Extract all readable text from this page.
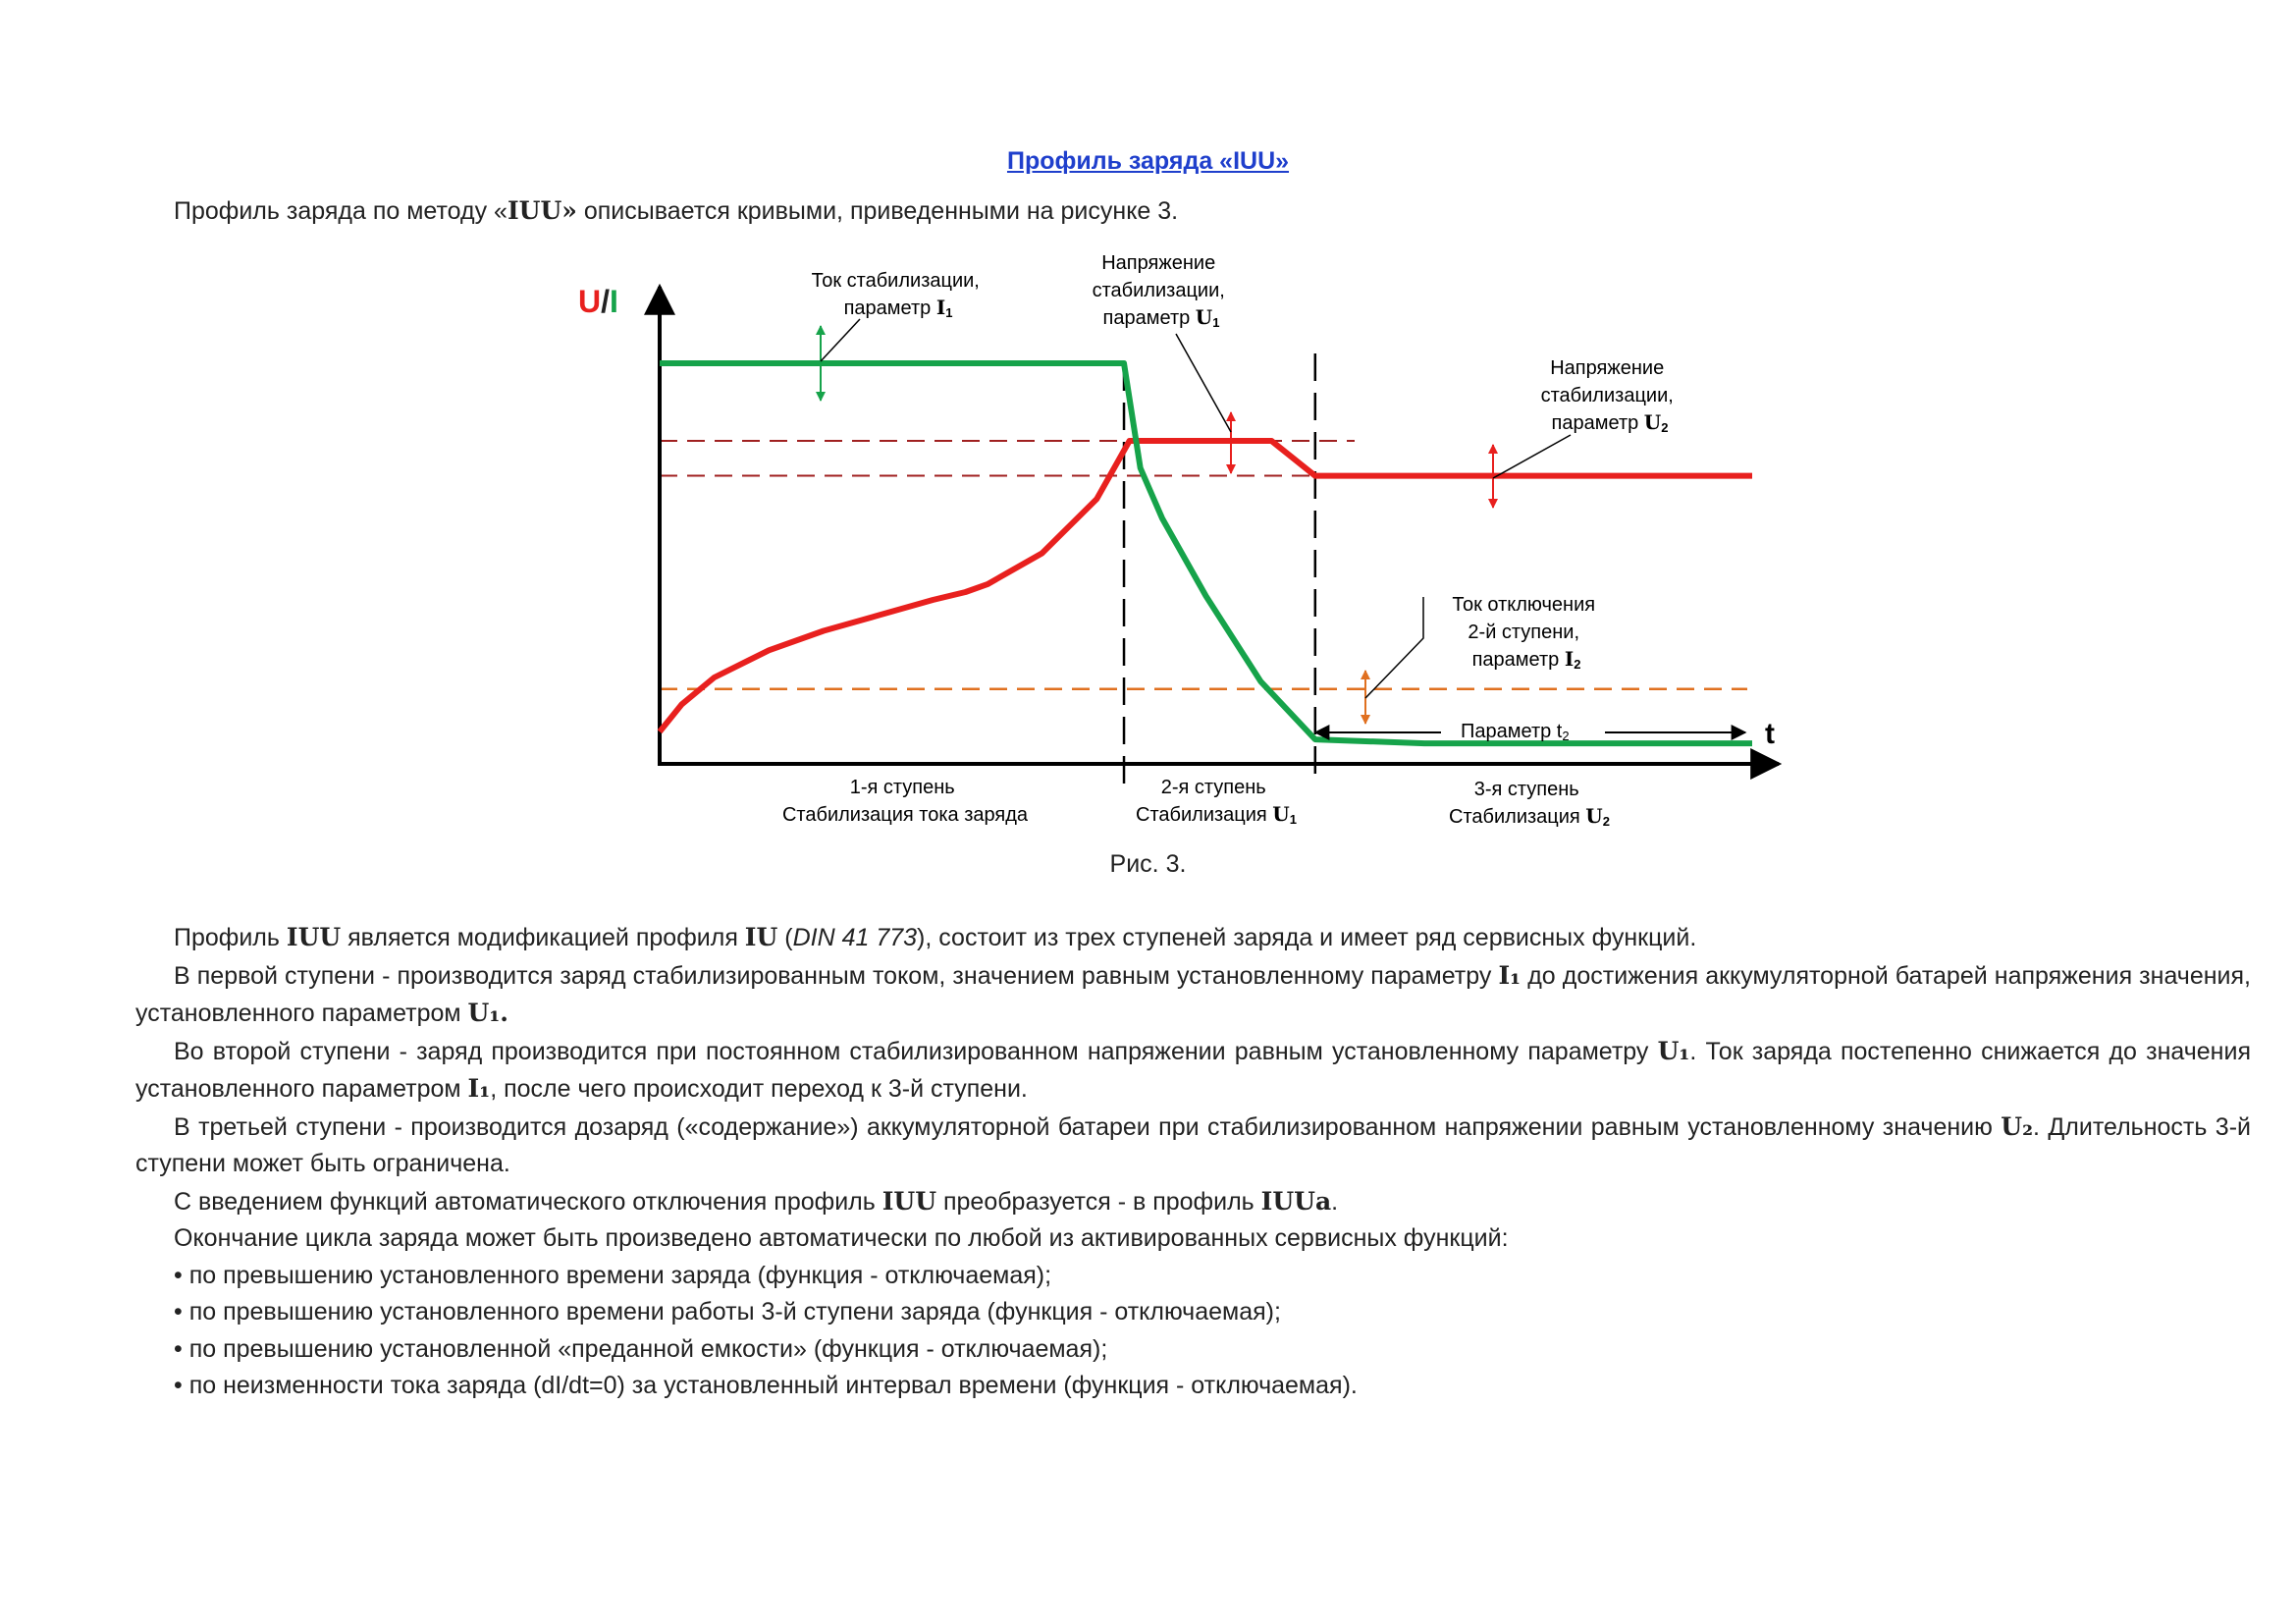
Профиль заряда «IUU»
Профиль заряда по методу «IUU» описывается кривыми, приведенными на рисунке 3.
U/I
t
Ток стабилизации, параметр I1
Напряжение стабилизации, параметр U1
Напряжение стабилизации, параметр U2
Ток отключения 2-й ступени, параметр I2
Параметр t2
1-я ступень Стабилизация тока заряда
2-я ступень Стабилизация U1
3-я ступень Стабилизация U2
Рис. 3.

Профиль IUU является модификацией профиля IU (DIN 41 773), состоит из трех ступеней заряда и имеет ряд сервисных функций.

В первой ступени - производится заряд стабилизированным током, значением равным установленному параметру I₁ до достижения аккумуляторной батарей напряжения значения, установленного параметром U₁.

Во второй ступени - заряд производится при постоянном стабилизированном напряжении равным установленному параметру U₁. Ток заряда постепенно снижается до значения установленного параметром I₁, после чего происходит переход к 3-й ступени.

В третьей ступени - производится дозаряд («содержание») аккумуляторной батареи при стабилизированном напряжении равным установленному значению U₂. Длительность 3-й ступени может быть ограничена.

С введением функций автоматического отключения профиль IUU преобразуется - в профиль IUUa.

Окончание цикла заряда может быть произведено автоматически по любой из активированных сервисных функций:

• по превышению установленного времени заряда (функция - отключаемая);

• по превышению установленного времени работы 3-й ступени заряда (функция - отключаемая);

• по превышению установленной «преданной емкости» (функция - отключаемая);

• по неизменности тока заряда (dI/dt=0) за установленный интервал времени (функция - отключаемая).
